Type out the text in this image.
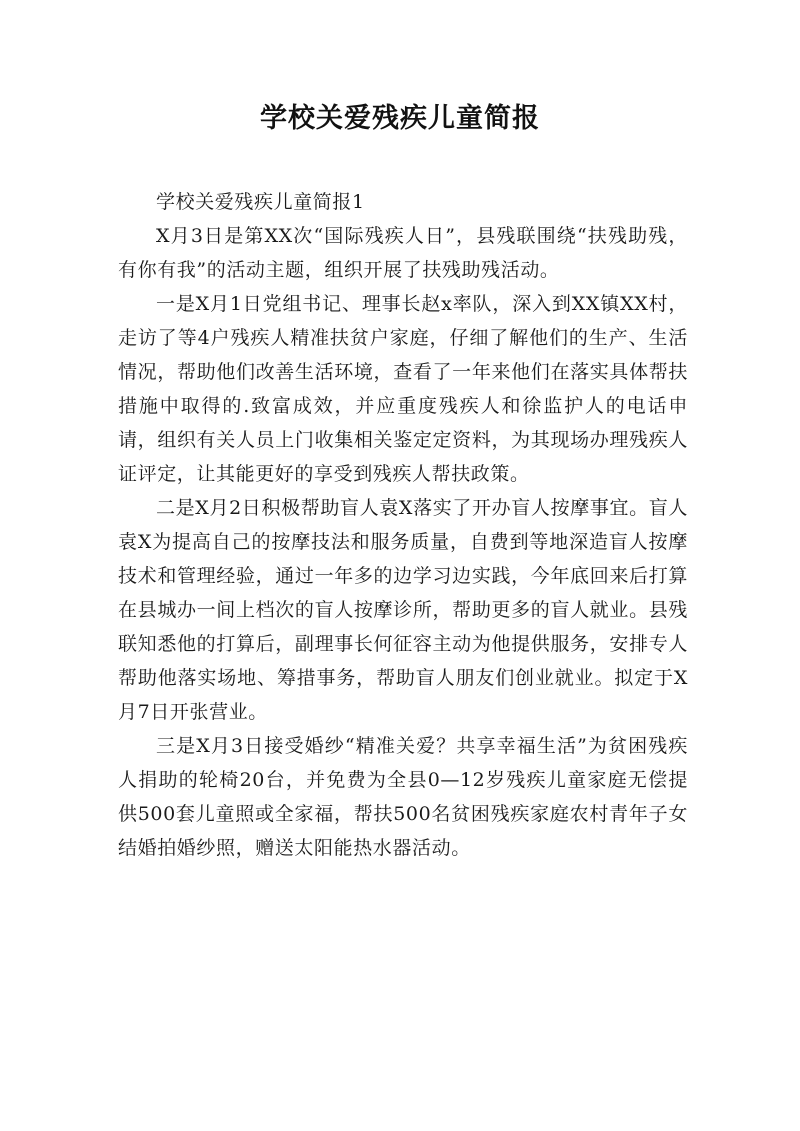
学校关爱残疾儿童简报

学校关爱残疾儿童简报1

X月3日是第XX次“国际残疾人日”，县残联围绕“扶残助残，有你有我”的活动主题，组织开展了扶残助残活动。

一是X月1日党组书记、理事长赵x率队，深入到XX镇XX村，走访了等4户残疾人精准扶贫户家庭，仔细了解他们的生产、生活情况，帮助他们改善生活环境，查看了一年来他们在落实具体帮扶措施中取得的.致富成效，并应重度残疾人和徐监护人的电话申请，组织有关人员上门收集相关鉴定定资料，为其现场办理残疾人证评定，让其能更好的享受到残疾人帮扶政策。

二是X月2日积极帮助盲人袁X落实了开办盲人按摩事宜。盲人袁X为提高自己的按摩技法和服务质量，自费到等地深造盲人按摩技术和管理经验，通过一年多的边学习边实践，今年底回来后打算在县城办一间上档次的盲人按摩诊所，帮助更多的盲人就业。县残联知悉他的打算后，副理事长何征容主动为他提供服务，安排专人帮助他落实场地、筹措事务，帮助盲人朋友们创业就业。拟定于X月7日开张营业。

三是X月3日接受婚纱“精准关爱？共享幸福生活”为贫困残疾人捐助的轮椅20台，并免费为全县0—12岁残疾儿童家庭无偿提供500套儿童照或全家福，帮扶500名贫困残疾家庭农村青年子女结婚拍婚纱照，赠送太阳能热水器活动。
